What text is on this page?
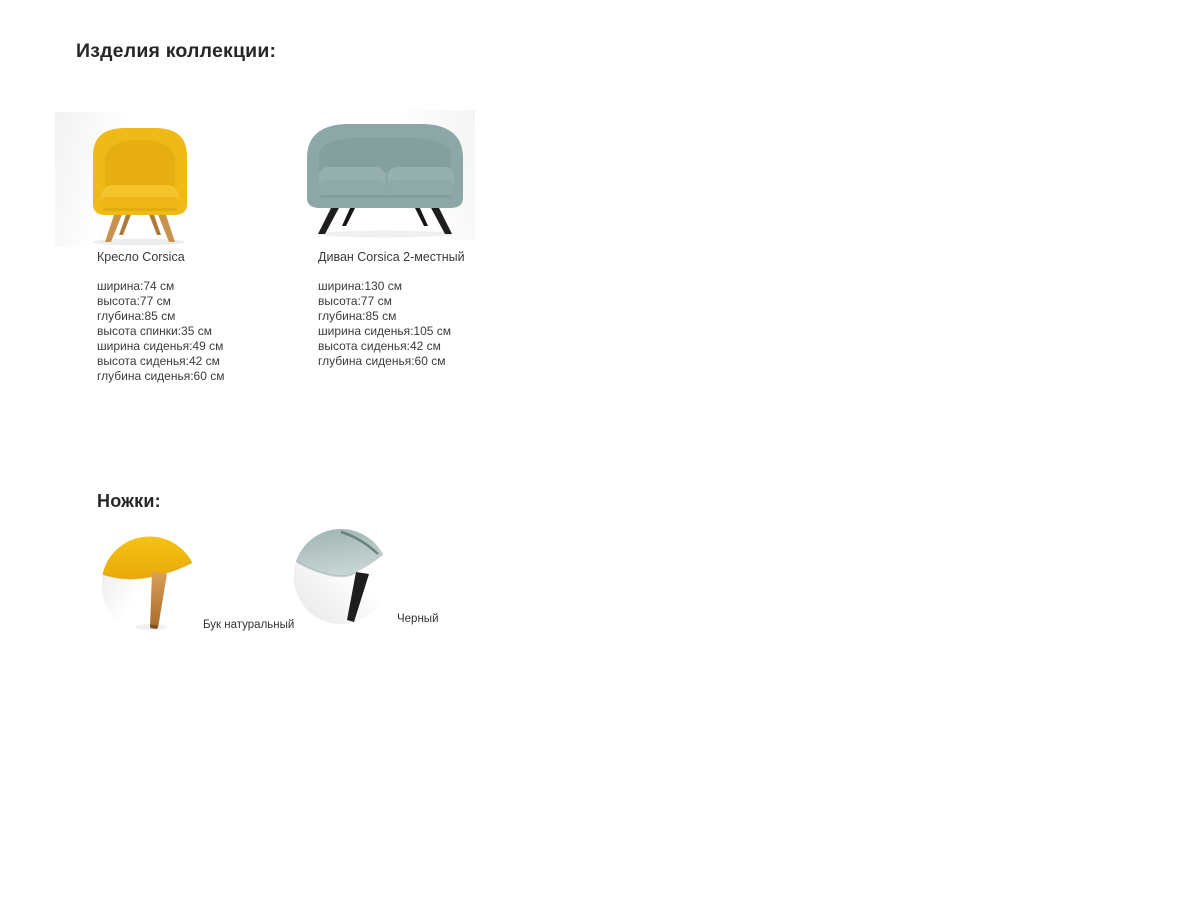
Изделия коллекции:
Кресло Corsica	Диван Corsica 2-местный
ширина:74 см
высота:77 см
глубина:85 см
высота спинки:35 см
ширина сиденья:49 см
высота сиденья:42 см
глубина сиденья:60 см
ширина:130 см
высота:77 см
глубина:85 см
ширина сиденья:105 см
высота сиденья:42 см
глубина сиденья:60 см
Ножки:
Бук натуральный	Черный
